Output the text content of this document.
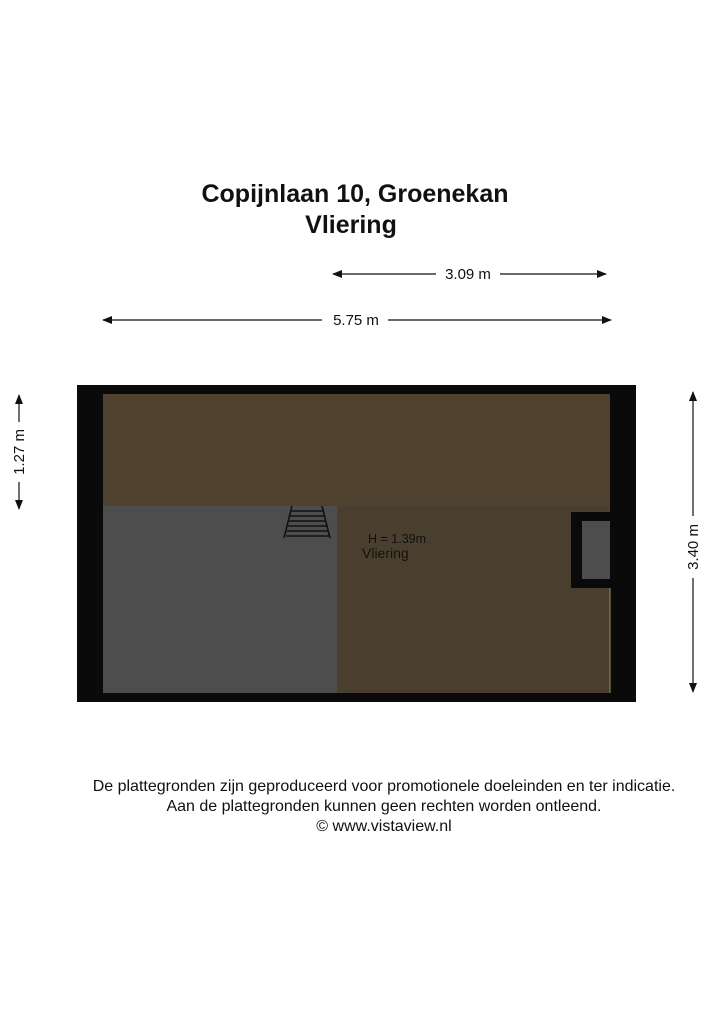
Copijnlaan 10, Groenekan
Vliering
3.09 m
5.75 m
1.27 m
3.40 m
H = 1.39m
Vliering
De plattegronden zijn geproduceerd voor promotionele doeleinden en ter indicatie.
Aan de plattegronden kunnen geen rechten worden ontleend.
© www.vistaview.nl
